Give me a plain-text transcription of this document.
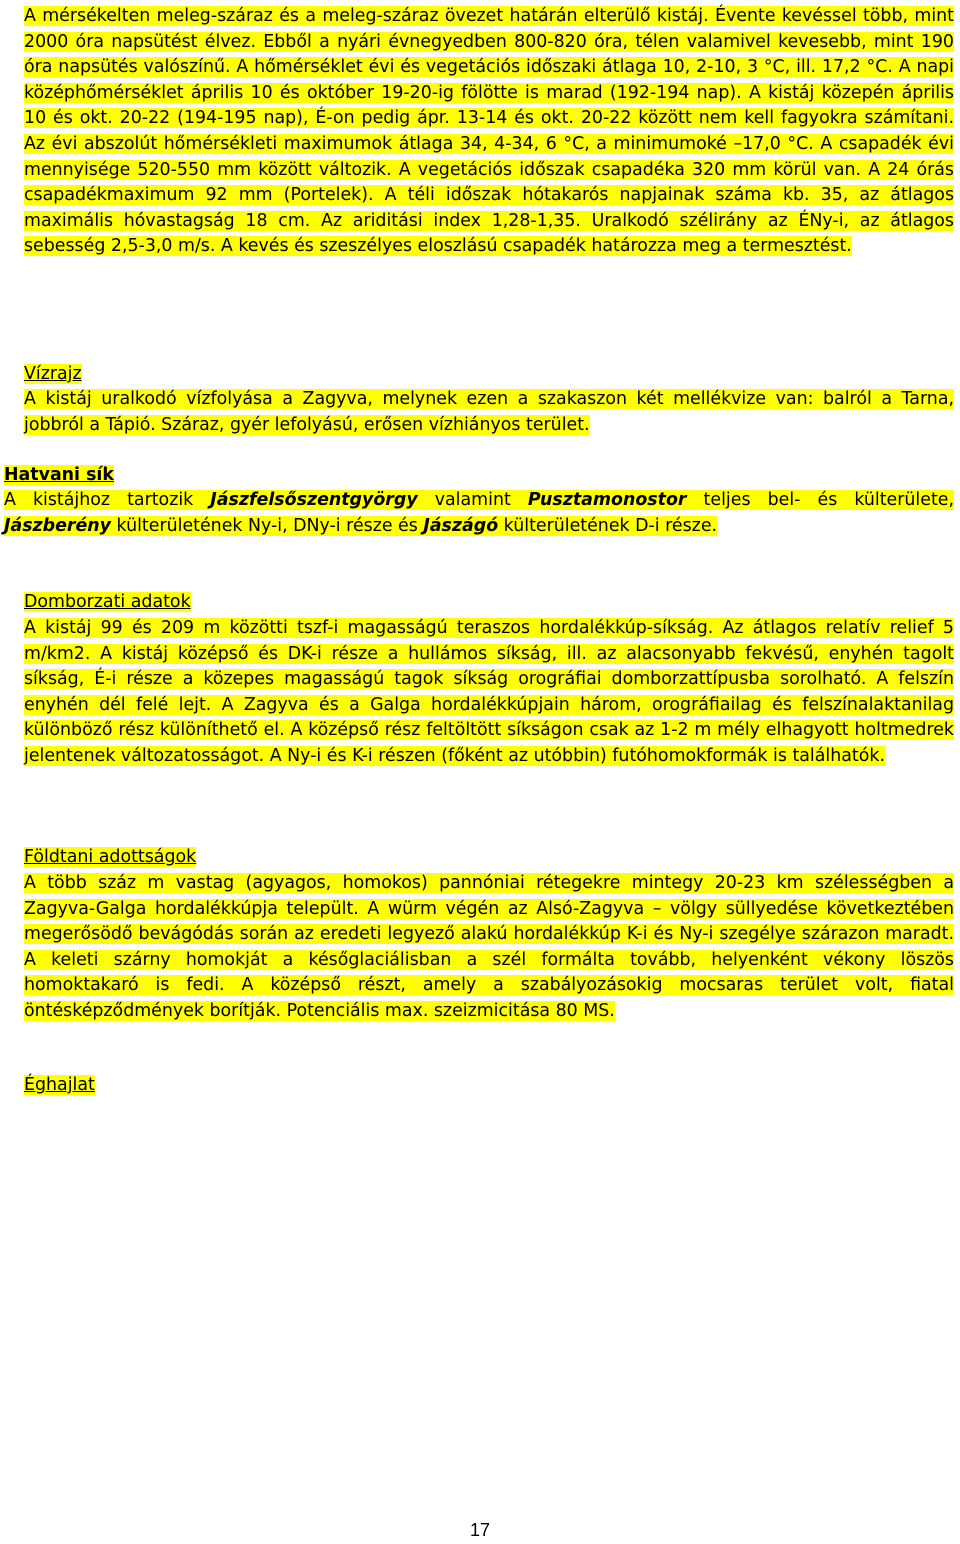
A mérsékelten meleg-száraz és a meleg-száraz övezet határán elterülő kistáj. Évente kevéssel több, mint 2000 óra napsütést élvez. Ebből a nyári évnegyedben 800-820 óra, télen valamivel kevesebb, mint 190 óra napsütés valószínű. A hőmérséklet évi és vegetációs időszaki átlaga 10, 2-10, 3 °C, ill. 17,2 °C. A napi középhőmérséklet április 10 és október 19-20-ig fölötte is marad (192-194 nap). A kistáj közepén április 10 és okt. 20-22 (194-195 nap), É-on pedig ápr. 13-14 és okt. 20-22 között nem kell fagyokra számítani. Az évi abszolút hőmérsékleti maximumok átlaga 34, 4-34, 6 °C, a minimumoké –17,0 °C. A csapadék évi mennyisége 520-550 mm között változik. A vegetációs időszak csapadéka 320 mm körül van. A 24 órás csapadékmaximum 92 mm (Portelek). A téli időszak hótakarós napjainak száma kb. 35, az átlagos maximális hóvastagság 18 cm. Az ariditási index 1,28-1,35. Uralkodó szélirány az ÉNy-i, az átlagos sebesség 2,5-3,0 m/s. A kevés és szeszélyes eloszlású csapadék határozza meg a termesztést.
Vízrajz
A kistáj uralkodó vízfolyása a Zagyva, melynek ezen a szakaszon két mellékvize van: balról a Tarna, jobbról a Tápió. Száraz, gyér lefolyású, erősen vízhiányos terület.
Hatvani sík
A kistájhoz tartozik Jászfelsőszentgyörgy valamint Pusztamonostor teljes bel- és külterülete, Jászberény külterületének Ny-i, DNy-i része és Jászágó külterületének D-i része.
Domborzati adatok
A kistáj 99 és 209 m közötti tszf-i magasságú teraszos hordalékkúp-síkság. Az átlagos relatív relief 5 m/km2. A kistáj középső és DK-i része a hullámos síkság, ill. az alacsonyabb fekvésű, enyhén tagolt síkság, É-i része a közepes magasságú tagok síkság orográfiai domborzattípusba sorolható. A felszín enyhén dél felé lejt. A Zagyva és a Galga hordalékkúpjain három, orográfiailag és felszínalaktanilag különböző rész különíthető el. A középső rész feltöltött síkságon csak az 1-2 m mély elhagyott holtmedrek jelentenek változatosságot. A Ny-i és K-i részen (főként az utóbbin) futóhomokformák is találhatók.
Földtani adottságok
A több száz m vastag (agyagos, homokos) pannóniai rétegekre mintegy 20-23 km szélességben a Zagyva-Galga hordalékkúpja települt. A würm végén az Alsó-Zagyva – völgy süllyedése következtében megerősödő bevágódás során az eredeti legyező alakú hordalékkúp K-i és Ny-i szegélye szárazon maradt. A keleti szárny homokját a későglaciálisban a szél formálta tovább, helyenként vékony löszös homoktakaró is fedi. A középső részt, amely a szabályozásokig mocsaras terület volt, fiatal öntésképződmények borítják. Potenciális max. szeizmicitása 80 MS.
Éghajlat
17
